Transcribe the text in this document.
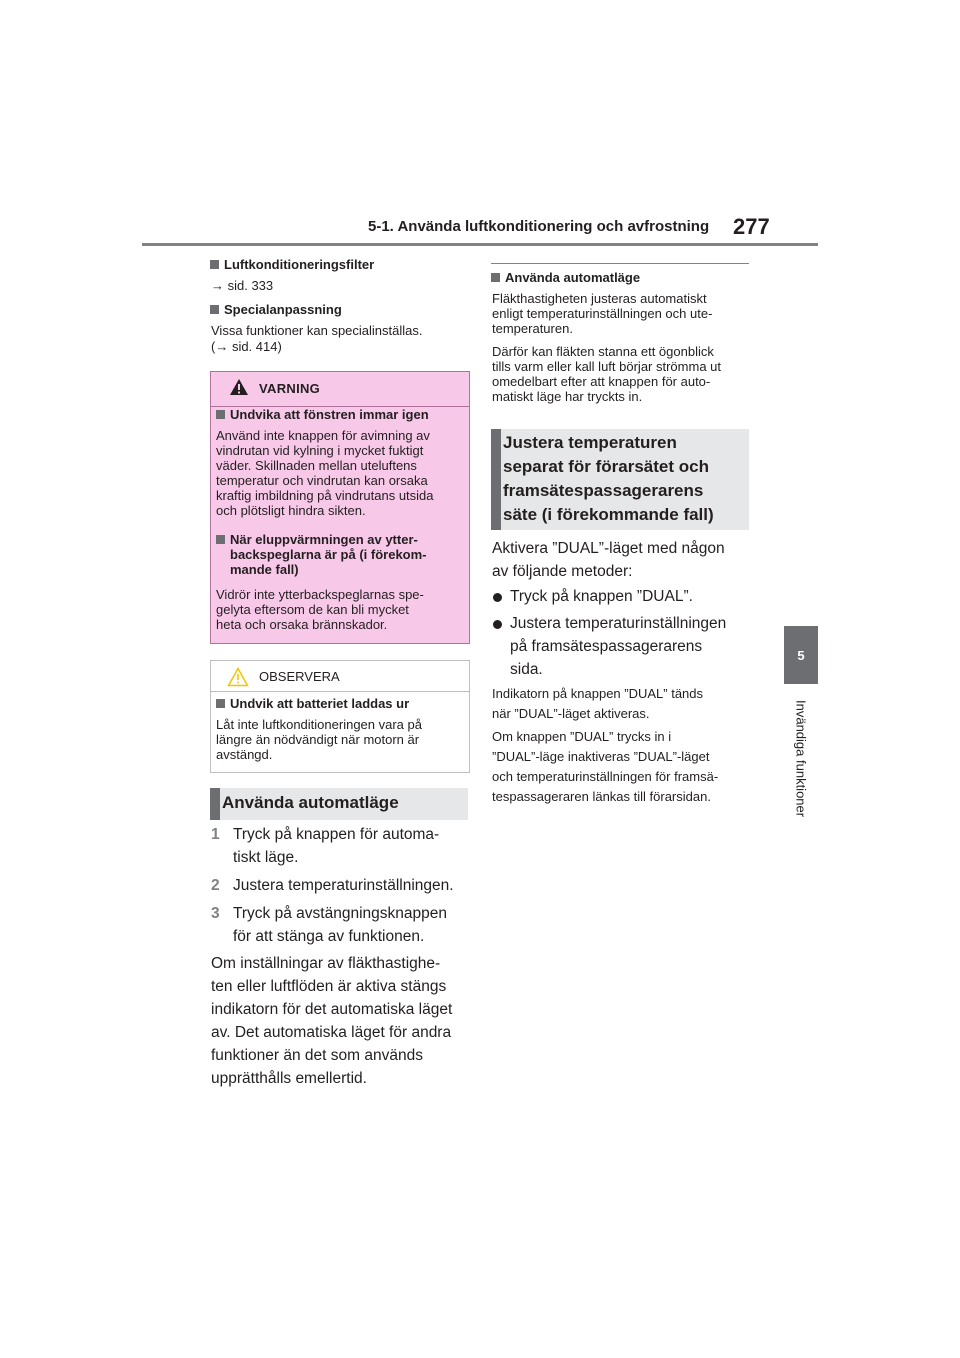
5-1. Använda luftkonditionering och avfrostning 277
5
Invändiga funktioner
Luftkonditioneringsfilter
→ sid. 333
Specialanpassning
Vissa funktioner kan specialinställas.
(→ sid. 414)
VARNING
Undvika att fönstren immar igen
Använd inte knappen för avimning av
vindrutan vid kylning i mycket fuktigt
väder. Skillnaden mellan uteluftens
temperatur och vindrutan kan orsaka
kraftig imbildning på vindrutans utsida
och plötsligt hindra sikten.
När eluppvärmningen av ytter-
backspeglarna är på (i förekom-
mande fall)
Vidrör inte ytterbackspeglarnas spe-
gelyta eftersom de kan bli mycket
heta och orsaka brännskador.
OBSERVERA
Undvik att batteriet laddas ur
Låt inte luftkonditioneringen vara på
längre än nödvändigt när motorn är
avstängd.
Använda automatläge
1 Tryck på knappen för automa-
tiskt läge.
2 Justera temperaturinställningen.
3 Tryck på avstängningsknappen
för att stänga av funktionen.
Om inställningar av fläkthastighe-
ten eller luftflöden är aktiva stängs
indikatorn för det automatiska läget
av. Det automatiska läget för andra
funktioner än det som används
upprätthålls emellertid.
Använda automatläge
Fläkthastigheten justeras automatiskt
enligt temperaturinställningen och ute-
temperaturen.
Därför kan fläkten stanna ett ögonblick
tills varm eller kall luft börjar strömma ut
omedelbart efter att knappen för auto-
matiskt läge har tryckts in.
Justera temperaturen
separat för förarsätet och
framsätespassagerarens
säte (i förekommande fall)
Aktivera ”DUAL”-läget med någon
av följande metoder:
Tryck på knappen ”DUAL”.
Justera temperaturinställningen
på framsätespassagerarens
sida.
Indikatorn på knappen ”DUAL” tänds
när ”DUAL”-läget aktiveras.
Om knappen ”DUAL” trycks in i
”DUAL”-läge inaktiveras ”DUAL”-läget
och temperaturinställningen för framsä-
tespassageraren länkas till förarsidan.
